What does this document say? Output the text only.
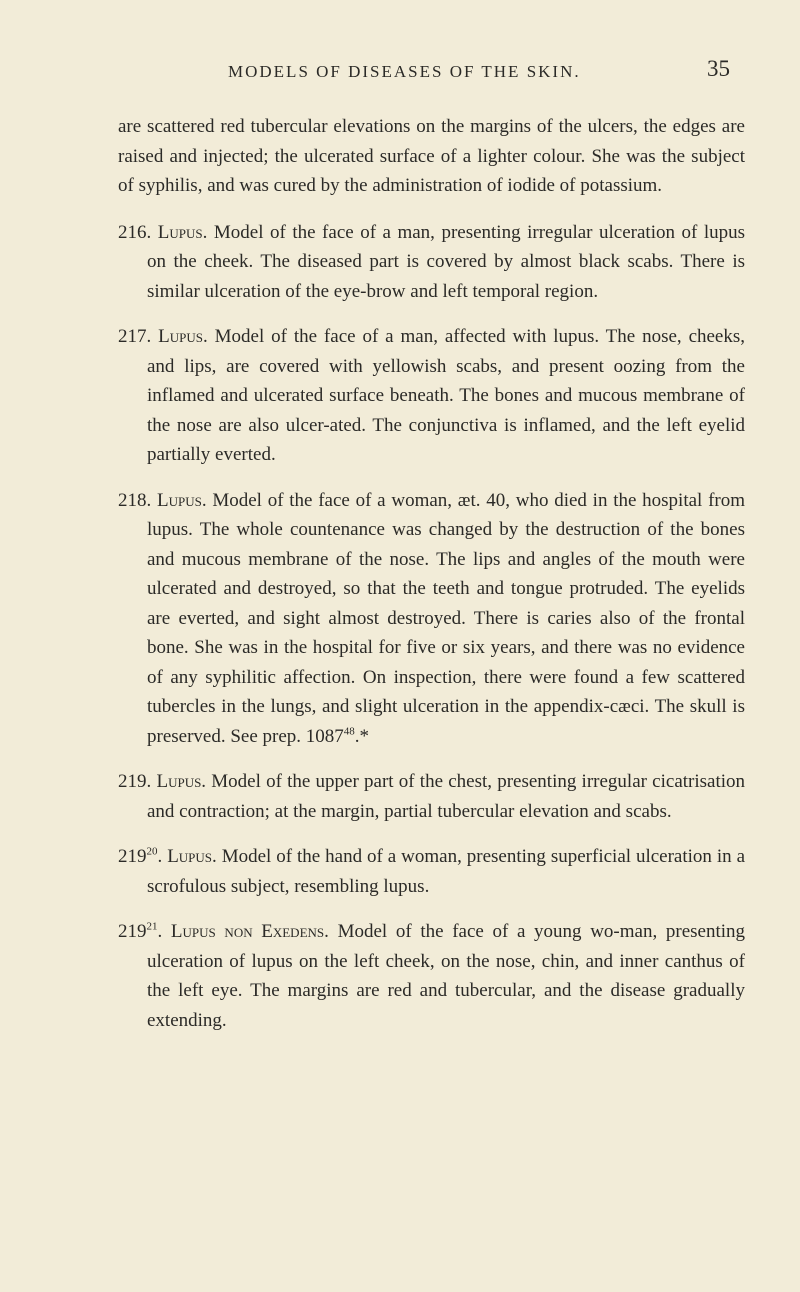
MODELS OF DISEASES OF THE SKIN.	35

are scattered red tubercular elevations on the margins of the ulcers, the edges are raised and injected; the ulcerated surface of a lighter colour. She was the subject of syphilis, and was cured by the administration of iodide of potassium.

216. Lupus. Model of the face of a man, presenting irregular ulceration of lupus on the cheek. The diseased part is covered by almost black scabs. There is similar ulceration of the eye-brow and left temporal region.

217. Lupus. Model of the face of a man, affected with lupus. The nose, cheeks, and lips, are covered with yellowish scabs, and present oozing from the inflamed and ulcerated surface beneath. The bones and mucous membrane of the nose are also ulcer-ated. The conjunctiva is inflamed, and the left eyelid partially everted.

218. Lupus. Model of the face of a woman, æt. 40, who died in the hospital from lupus. The whole countenance was changed by the destruction of the bones and mucous membrane of the nose. The lips and angles of the mouth were ulcerated and destroyed, so that the teeth and tongue protruded. The eyelids are everted, and sight almost destroyed. There is caries also of the frontal bone. She was in the hospital for five or six years, and there was no evidence of any syphilitic affection. On inspection, there were found a few scattered tubercles in the lungs, and slight ulceration in the appendix-cæci. The skull is preserved. See prep. 1087$^{48}$.*

219. Lupus. Model of the upper part of the chest, presenting irregular cicatrisation and contraction; at the margin, partial tubercular elevation and scabs.

$219^{20}$. Lupus. Model of the hand of a woman, presenting superficial ulceration in a scrofulous subject, resembling lupus.

$219^{21}$. Lupus non Exedens. Model of the face of a young wo-man, presenting ulceration of lupus on the left cheek, on the nose, chin, and inner canthus of the left eye. The margins are red and tubercular, and the disease gradually extending.
